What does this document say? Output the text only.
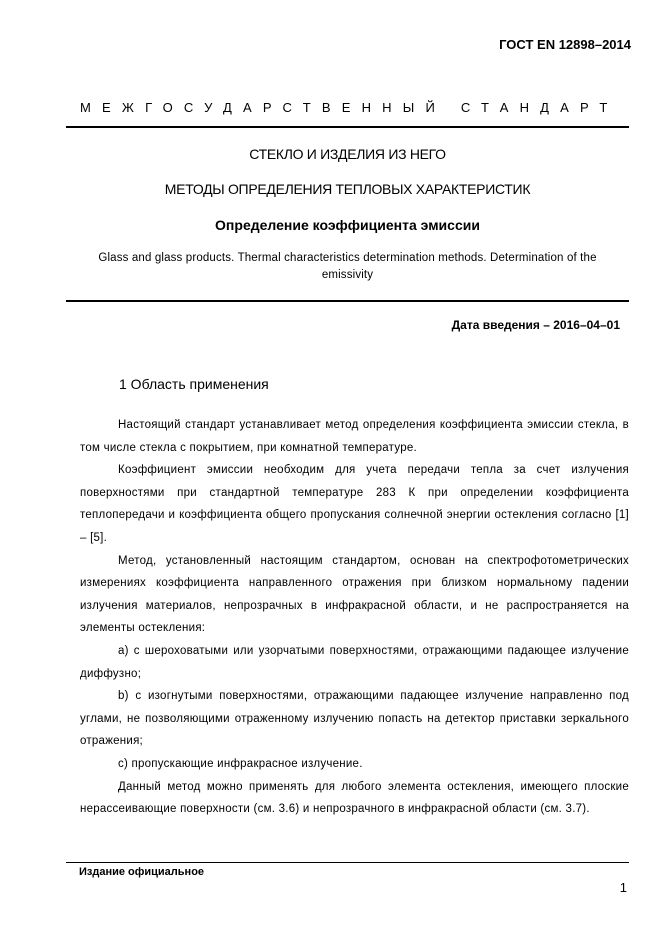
ГОСТ EN 12898–2014
МЕЖГОСУДАРСТВЕННЫЙ СТАНДАРТ
СТЕКЛО И ИЗДЕЛИЯ ИЗ НЕГО
МЕТОДЫ ОПРЕДЕЛЕНИЯ ТЕПЛОВЫХ ХАРАКТЕРИСТИК
Определение коэффициента эмиссии
Glass and glass products. Thermal characteristics determination methods. Determination of the emissivity
Дата введения – 2016–04–01
1 Область применения

Настоящий стандарт устанавливает метод определения коэффициента эмиссии стекла, в том числе стекла с покрытием, при комнатной температуре.

Коэффициент эмиссии необходим для учета передачи тепла за счет излучения поверхностями при стандартной температуре 283 К при определении коэффициента теплопередачи и коэффициента общего пропускания солнечной энергии остекления согласно [1] – [5].

Метод, установленный настоящим стандартом, основан на спектрофотометрических измерениях коэффициента направленного отражения при близком нормальному падении излучения материалов, непрозрачных в инфракрасной области, и не распространяется на элементы остекления:

а) с шероховатыми или узорчатыми поверхностями, отражающими падающее излучение диффузно;

b) с изогнутыми поверхностями, отражающими падающее излучение направленно под углами, не позволяющими отраженному излучению попасть на детектор приставки зеркального отражения;

c) пропускающие инфракрасное излучение.

Данный метод можно применять для любого элемента остекления, имеющего плоские нерассеивающие поверхности (см. 3.6) и непрозрачного в инфракрасной области (см. 3.7).

Издание официальное
1
